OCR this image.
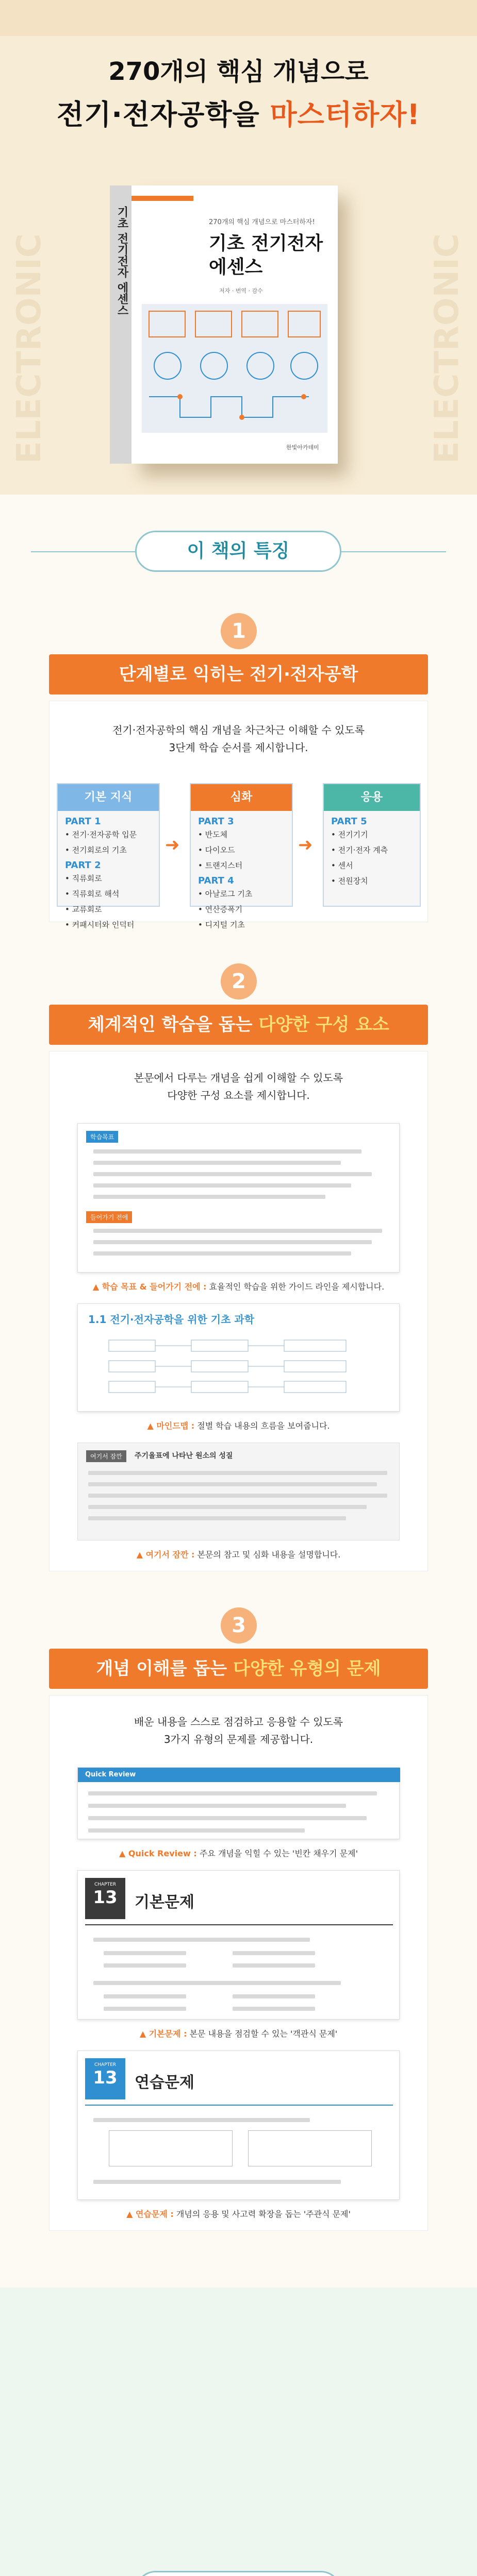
ELECTRONIC	ELECTRONIC
270개의 핵심 개념으로
전기·전자공학을 마스터하자!
기초 전기전자 에센스	270개의 핵심 개념으로 마스터하자!
기초 전기전자
에센스
저자 · 번역 · 감수
한빛아카데미
이 책의 특징
1
단계별로 익히는 전기·전자공학
전기·전자공학의 핵심 개념을 차근차근 이해할 수 있도록
3단계 학습 순서를 제시합니다.
기본 지식
PART 1
• 전기·전자공학 입문
• 전기회로의 기초
PART 2
• 직류회로
• 직류회로 해석
• 교류회로
• 커패시터와 인덕터
➜
심화
PART 3
• 반도체
• 다이오드
• 트랜지스터
PART 4
• 아날로그 기초
• 연산증폭기
• 디지털 기초
➜
응용
PART 5
• 전기기기
• 전기·전자 계측
• 센서
• 전원장치
2
체계적인 학습을 돕는 다양한 구성 요소
본문에서 다루는 개념을 쉽게 이해할 수 있도록
다양한 구성 요소를 제시합니다.
학습목표
들어가기 전에
▲ 학습 목표 & 들어가기 전에 : 효율적인 학습을 위한 가이드 라인을 제시합니다.
1.1 전기·전자공학을 위한 기초 과학
▲ 마인드맵 : 절별 학습 내용의 흐름을 보여줍니다.
여기서 잠깐	주기율표에 나타난 원소의 성질
▲ 여기서 잠깐 : 본문의 참고 및 심화 내용을 설명합니다.
3
개념 이해를 돕는 다양한 유형의 문제
배운 내용을 스스로 점검하고 응용할 수 있도록
3가지 유형의 문제를 제공합니다.
Quick Review
▲ Quick Review : 주요 개념을 익힐 수 있는 '빈칸 채우기 문제'
CHAPTER
13	기본문제
▲ 기본문제 : 본문 내용을 점검할 수 있는 '객관식 문제'
CHAPTER
13	연습문제
▲ 연습문제 : 개념의 응용 및 사고력 확장을 돕는 '주관식 문제'
